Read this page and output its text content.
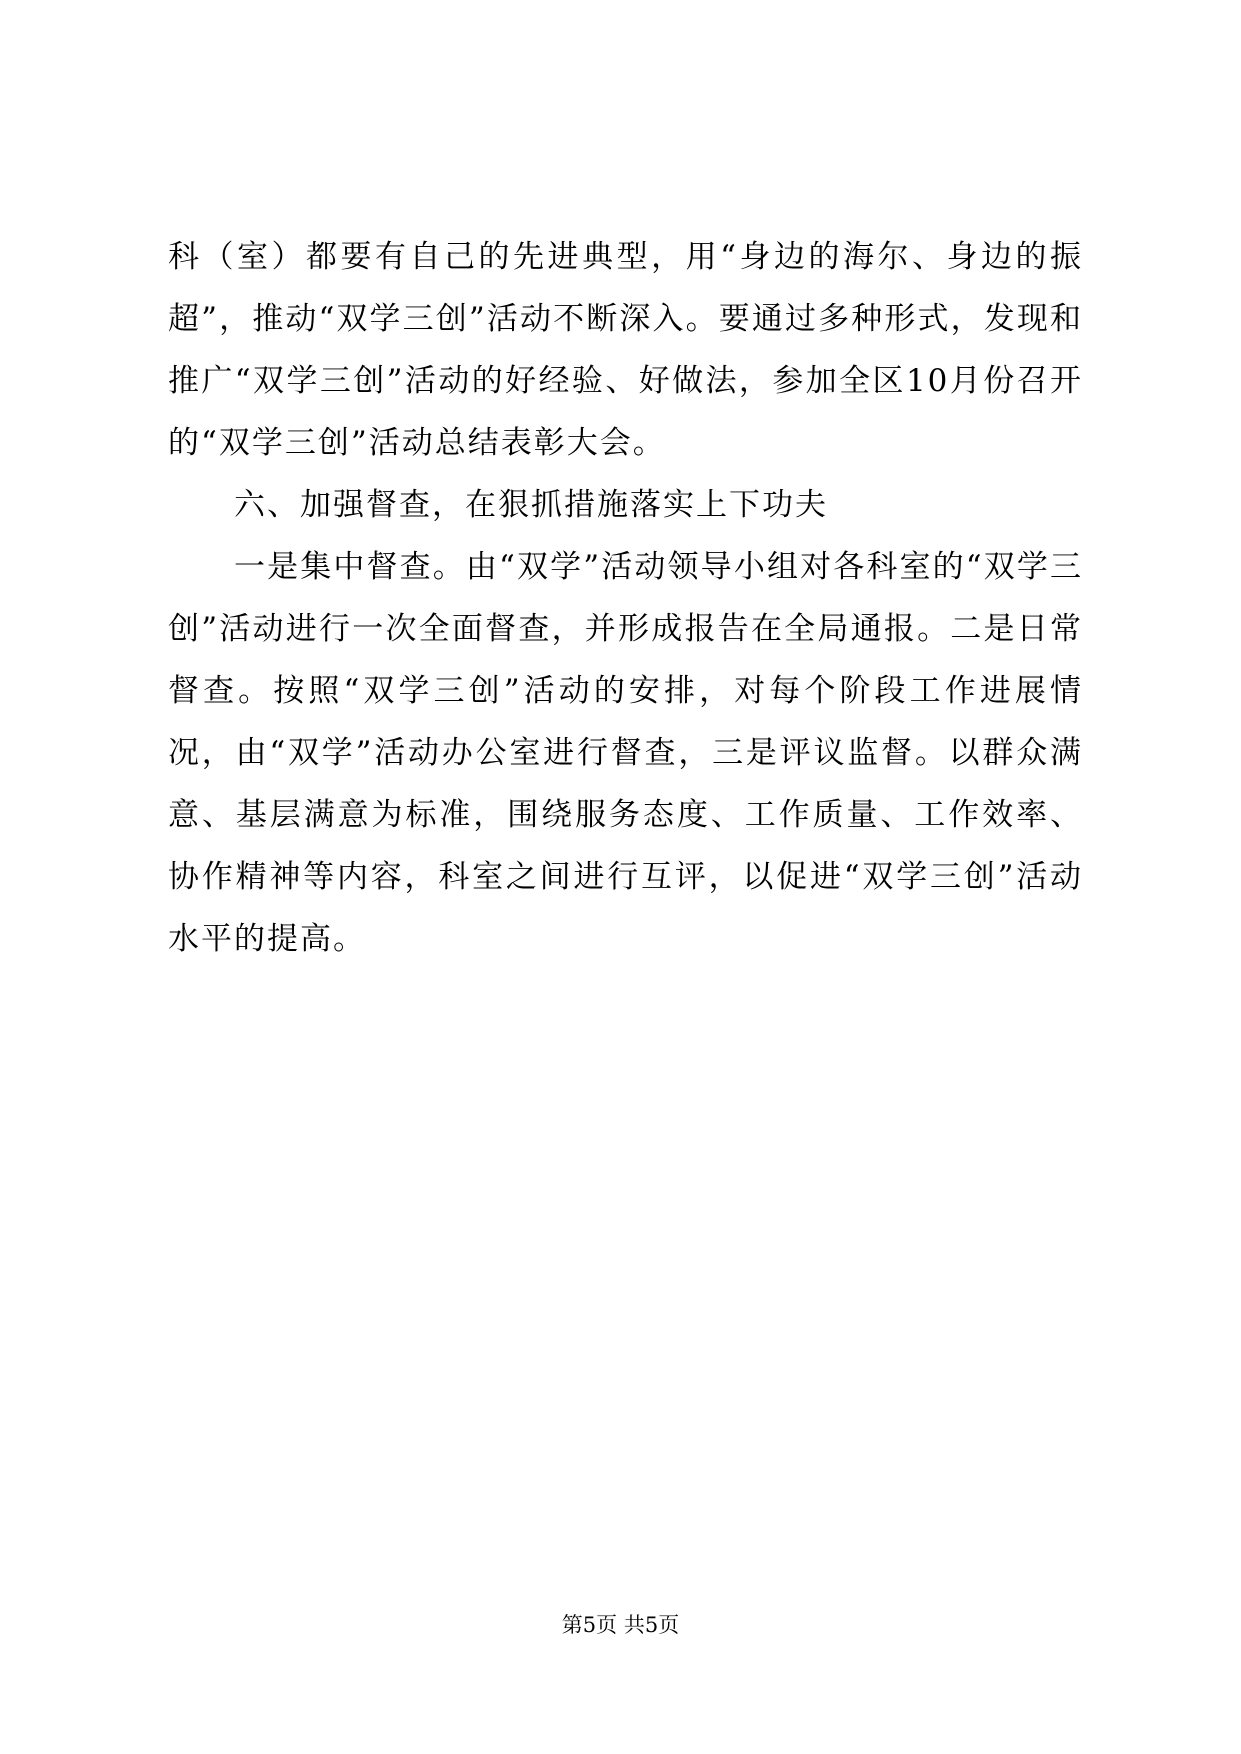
科（室）都要有自己的先进典型，用“身边的海尔、身边的振超”，推动“双学三创”活动不断深入。要通过多种形式，发现和推广“双学三创”活动的好经验、好做法，参加全区10月份召开的“双学三创”活动总结表彰大会。

六、加强督查，在狠抓措施落实上下功夫

一是集中督查。由“双学”活动领导小组对各科室的“双学三创”活动进行一次全面督查，并形成报告在全局通报。二是日常督查。按照“双学三创”活动的安排，对每个阶段工作进展情况，由“双学”活动办公室进行督查，三是评议监督。以群众满意、基层满意为标准，围绕服务态度、工作质量、工作效率、协作精神等内容，科室之间进行互评，以促进“双学三创”活动水平的提高。

第5页 共5页
